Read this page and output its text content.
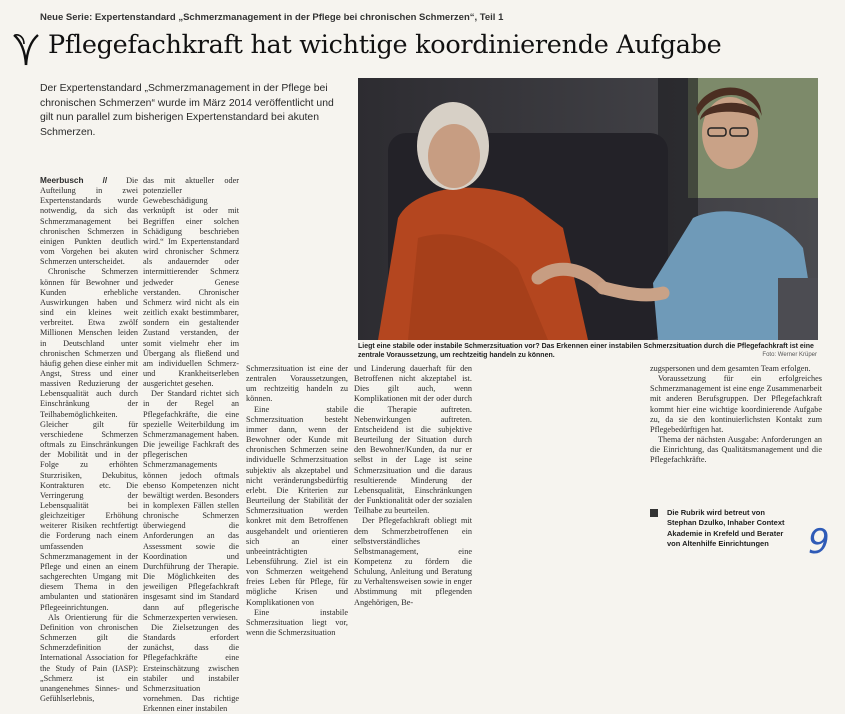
Neue Serie: Expertenstandard „Schmerzmanagement in der Pflege bei chronischen Schmerzen“, Teil 1
Pflegefachkraft hat wichtige koordinierende Aufgabe

Der Expertenstandard „Schmerzmanagement in der Pflege bei chronischen Schmerzen“ wurde im März 2014 veröffentlicht und gilt nun parallel zum bisherigen Expertenstandard bei akuten Schmerzen.

Meerbusch // Die Aufteilung in zwei Expertenstandards wurde notwendig, da sich das Schmerzmanagement bei chronischen Schmerzen in einigen Punkten deutlich vom Vorgehen bei akuten Schmerzen unterscheidet.

Chronische Schmerzen können für Bewohner und Kunden erhebliche Auswirkungen haben und sind ein kleines weit verbreitet. Etwa zwölf Millionen Menschen leiden in Deutschland unter chronischen Schmerzen und häufig gehen diese einher mit Angst, Stress und einer massiven Reduzierung der Lebensqualität auch durch Einschränkung der Teilhabemöglichkeiten. Gleicher gilt für verschiedene Schmerzen oftmals zu Einschränkungen der Mobilität und in der Folge zu erhöhten Sturzrisiken, Dekubitus, Kontrakturen etc. Die Verringerung der Lebensqualität bei gleichzeitiger Erhöhung weiterer Risiken rechtfertigt die Forderung nach einem umfassenden Schmerzmanagement in der Pflege und einen an einem sachgerechten Umgang mit diesem Thema in den ambulanten und stationären Pflegeeinrichtungen.

Als Orientierung für die Definition von chronischen Schmerzen gilt die Schmerzdefinition der International Association for the Study of Pain (IASP): „Schmerz ist ein unangenehmes Sinnes- und Gefühlserlebnis,

das mit aktueller oder potenzieller Gewebeschädigung verknüpft ist oder mit Begriffen einer solchen Schädigung beschrieben wird.“ Im Expertenstandard wird chronischer Schmerz als andauernder oder intermittierender Schmerz jedweder Genese verstanden. Chronischer Schmerz wird nicht als ein zeitlich exakt bestimmbarer, sondern ein gestaltender Zustand verstanden, der somit vielmehr eher im Übergang als fließend und am individuellen Schmerz- und Krankheitserleben ausgerichtet gesehen.

Der Standard richtet sich in der Regel an Pflegefachkräfte, die eine spezielle Weiterbildung im Schmerzmanagement haben. Die jeweilige Fachkraft des pflegerischen Schmerzmanagements können jedoch oftmals ebenso Kompetenzen nicht bewältigt werden. Besonders in komplexen Fällen stellen chronische Schmerzen überwiegend die Anforderungen an das Assessment sowie die Koordination und Durchführung der Therapie. Die Möglichkeiten des jeweiligen Pflegefachkraft insgesamt sind im Standard dann auf pflegerische Schmerzexperten verwiesen.

Die Zielsetzungen des Standards erfordert zunächst, dass die Pflegefachkräfte eine Ersteinschätzung zwischen stabiler und instabiler Schmerzsituation vornehmen. Das richtige Erkennen einer instabilen

Liegt eine stabile oder instabile Schmerzsituation vor? Das Erkennen einer instabilen Schmerzsituation durch die Pflegefachkraft ist eine zentrale Voraussetzung, um rechtzeitig handeln zu können.	Foto: Werner Krüper

Schmerzsituation ist eine der zentralen Voraussetzungen, um rechtzeitig handeln zu können.

Eine stabile Schmerzsituation besteht immer dann, wenn der Bewohner oder Kunde mit chronischen Schmerzen seine individuelle Schmerzsituation subjektiv als akzeptabel und nicht veränderungsbedürftig erlebt. Die Kriterien zur Beurteilung der Stabilität der Schmerzsituation werden konkret mit dem Betroffenen ausgehandelt und orientieren sich an einer unbeeinträchtigten Lebensführung. Ziel ist ein von Schmerzen weitgehend freies Leben für Pflege, für mögliche Krisen und Komplikationen von

Eine instabile Schmerzsituation liegt vor, wenn die Schmerzsituation

und Linderung dauerhaft für den Betroffenen nicht akzeptabel ist. Dies gilt auch, wenn Komplikationen mit der oder durch die Therapie auftreten. Nebenwirkungen auftreten. Entscheidend ist die subjektive Beurteilung der Situation durch den Bewohner/Kunden, da nur er selbst in der Lage ist seine Schmerzsituation und die daraus resultierende Minderung der Lebensqualität, Einschränkungen der Funktionalität oder der sozialen Teilhabe zu beurteilen.

Der Pflegefachkraft obliegt mit dem Schmerzbetroffenen ein selbstverständliches Selbstmanagement, eine Kompetenz zu fördern die Schulung, Anleitung und Beratung zu Verhaltensweisen sowie in enger Abstimmung mit pflegenden Angehörigen, Be-

zugspersonen und dem gesamten Team erfolgen.

Voraussetzung für ein erfolgreiches Schmerzmanagement ist eine enge Zusammenarbeit mit anderen Berufsgruppen. Der Pflegefachkraft kommt hier eine wichtige koordinierende Aufgabe zu, da sie den kontinuierlichsten Kontakt zum Pflegebedürftigen hat.

Thema der nächsten Ausgabe: Anforderungen an die Einrichtung, das Qualitätsmanagement und die Pflegefachkräfte.

Die Rubrik wird betreut von Stephan Dzulko, Inhaber Context Akademie in Krefeld und Berater von Altenhilfe Einrichtungen	9
